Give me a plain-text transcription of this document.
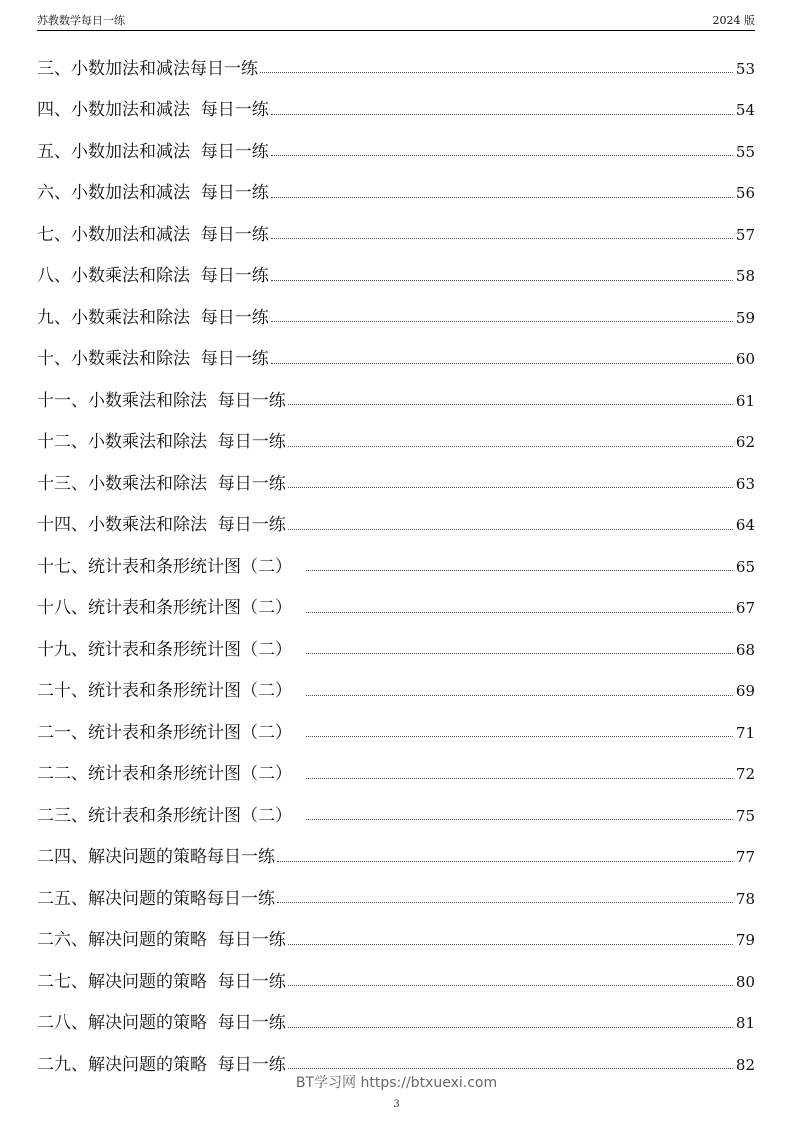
苏教数学每日一练	2024 版
三、小数加法和减法每日一练	53
四、小数加法和减法  每日一练	54
五、小数加法和减法  每日一练	55
六、小数加法和减法  每日一练	56
七、小数加法和减法  每日一练	57
八、小数乘法和除法  每日一练	58
九、小数乘法和除法  每日一练	59
十、小数乘法和除法  每日一练	60
十一、小数乘法和除法  每日一练	61
十二、小数乘法和除法  每日一练	62
十三、小数乘法和除法  每日一练	63
十四、小数乘法和除法  每日一练	64
十七、统计表和条形统计图（二）	65
十八、统计表和条形统计图（二）	67
十九、统计表和条形统计图（二）	68
二十、统计表和条形统计图（二）	69
二一、统计表和条形统计图（二）	71
二二、统计表和条形统计图（二）	72
二三、统计表和条形统计图（二）	75
二四、解决问题的策略每日一练	77
二五、解决问题的策略每日一练	78
二六、解决问题的策略  每日一练	79
二七、解决问题的策略  每日一练	80
二八、解决问题的策略  每日一练	81
二九、解决问题的策略  每日一练	82
BT学习网 https://btxuexi.com
3
